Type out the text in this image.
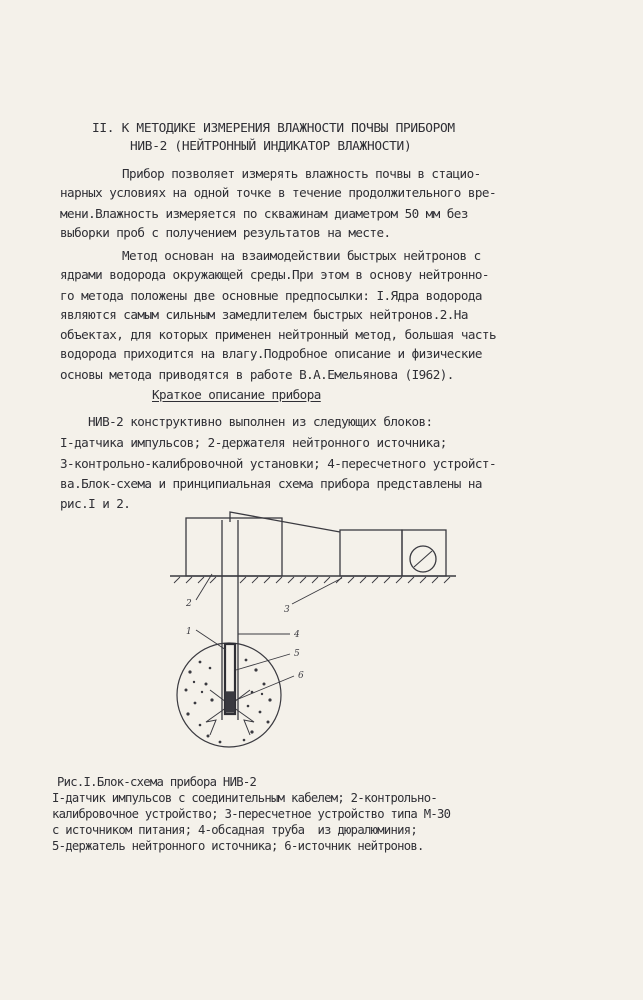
II. К МЕТОДИКЕ ИЗМЕРЕНИЯ ВЛАЖНОСТИ ПОЧВЫ ПРИБОРОМ
НИВ-2 (НЕЙТРОННЫЙ ИНДИКАТОР ВЛАЖНОСТИ)
Прибор позволяет измерять влажность почвы в стацио-
нарных условиях на одной точке в течение продолжительного вре-
мени.Влажность измеряется по скважинам диаметром 50 мм без
выборки проб с получением результатов на месте.
Метод основан на взаимодействии быстрых нейтронов с
ядрами водорода окружающей среды.При этом в основу нейтронно-
го метода положены две основные предпосылки: I.Ядра водорода
являются самым сильным замедлителем быстрых нейтронов.2.На
объектах, для которых применен нейтронный метод, большая часть
водорода приходится на влагу.Подробное описание и физические
основы метода приводятся в работе В.А.Емельянова (I962).
Краткое описание прибора
НИВ-2 конструктивно выполнен из следующих блоков:
I-датчика импульсов; 2-держателя нейтронного источника;
3-контрольно-калибровочной установки; 4-пересчетного устройст-
ва.Блок-схема и принципиальная схема прибора представлены на
рис.I и 2.
2
1
3
4
5
6
Рис.I.Блок-схема прибора НИВ-2
I-датчик импульсов с соединительным кабелем; 2-контрольно-
калибровочное устройство; 3-пересчетное устройство типа М-30
с источником питания; 4-обсадная труба  из дюралюминия;
5-держатель нейтронного источника; 6-источник нейтронов.
